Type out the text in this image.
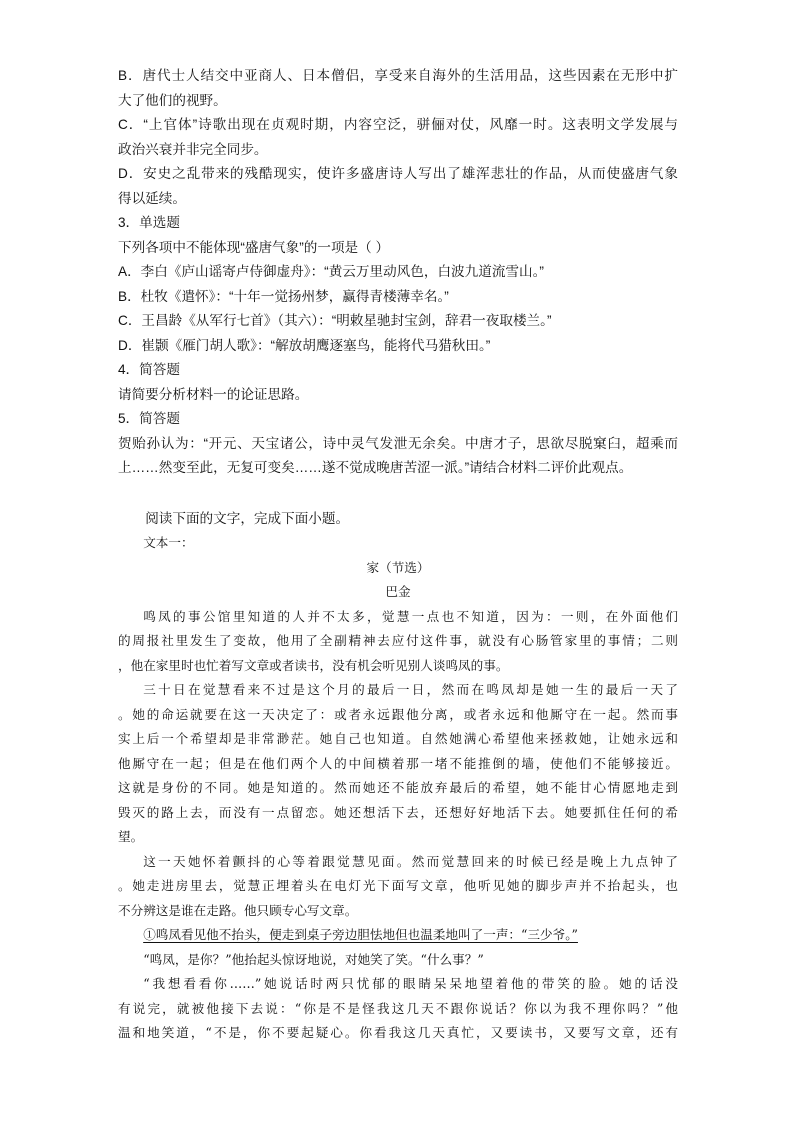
B．唐代士人结交中亚商人、日本僧侣，享受来自海外的生活用品，这些因素在无形中扩
大了他们的视野。
C．“上官体”诗歌出现在贞观时期，内容空泛，骈俪对仗，风靡一时。这表明文学发展与
政治兴衰并非完全同步。
D．安史之乱带来的残酷现实，使许多盛唐诗人写出了雄浑悲壮的作品，从而使盛唐气象
得以延续。
3．单选题
下列各项中不能体现“盛唐气象”的一项是（ ）
A．李白《庐山谣寄卢侍御虚舟》：“黄云万里动风色，白波九道流雪山。”
B．杜牧《遣怀》：“十年一觉扬州梦，赢得青楼薄幸名。”
C．王昌龄《从军行七首》（其六）：“明敕星驰封宝剑，辞君一夜取楼兰。”
D．崔颢《雁门胡人歌》：“解放胡鹰逐塞鸟，能将代马猎秋田。”
4．简答题
请简要分析材料一的论证思路。
5．简答题
贺贻孙认为：“开元、天宝诸公，诗中灵气发泄无余矣。中唐才子，思欲尽脱窠臼，超乘而
上……然变至此，无复可变矣……遂不觉成晚唐苦涩一派。”请结合材料二评价此观点。
阅读下面的文字，完成下面小题。
文本一：
家（节选）
巴金
鸣凤的事公馆里知道的人并不太多，觉慧一点也不知道，因为：一则，在外面他们
的周报社里发生了变故，他用了全副精神去应付这件事，就没有心肠管家里的事情；二则
，他在家里时也忙着写文章或者读书，没有机会听见别人谈鸣凤的事。
三十日在觉慧看来不过是这个月的最后一日，然而在鸣凤却是她一生的最后一天了
。她的命运就要在这一天决定了：或者永远跟他分离，或者永远和他厮守在一起。然而事
实上后一个希望却是非常渺茫。她自己也知道。自然她满心希望他来拯救她，让她永远和
他厮守在一起；但是在他们两个人的中间横着那一堵不能推倒的墙，使他们不能够接近。
这就是身份的不同。她是知道的。然而她还不能放弃最后的希望，她不能甘心情愿地走到
毁灭的路上去，而没有一点留恋。她还想活下去，还想好好地活下去。她要抓住任何的希
望。
这一天她怀着颤抖的心等着跟觉慧见面。然而觉慧回来的时候已经是晚上九点钟了
。她走进房里去，觉慧正埋着头在电灯光下面写文章，他听见她的脚步声并不抬起头，也
不分辨这是谁在走路。他只顾专心写文章。
①鸣凤看见他不抬头，便走到桌子旁边胆怯地但也温柔地叫了一声：“三少爷。”
“鸣凤，是你？”他抬起头惊讶地说，对她笑了笑。“什么事？”
“我想看看你……”她说话时两只忧郁的眼睛呆呆地望着他的带笑的脸。她的话没
有说完，就被他接下去说：“你是不是怪我这几天不跟你说话？你以为我不理你吗？”他
温和地笑道，“不是，你不要起疑心。你看我这几天真忙，又要读书，又要写文章，还有
